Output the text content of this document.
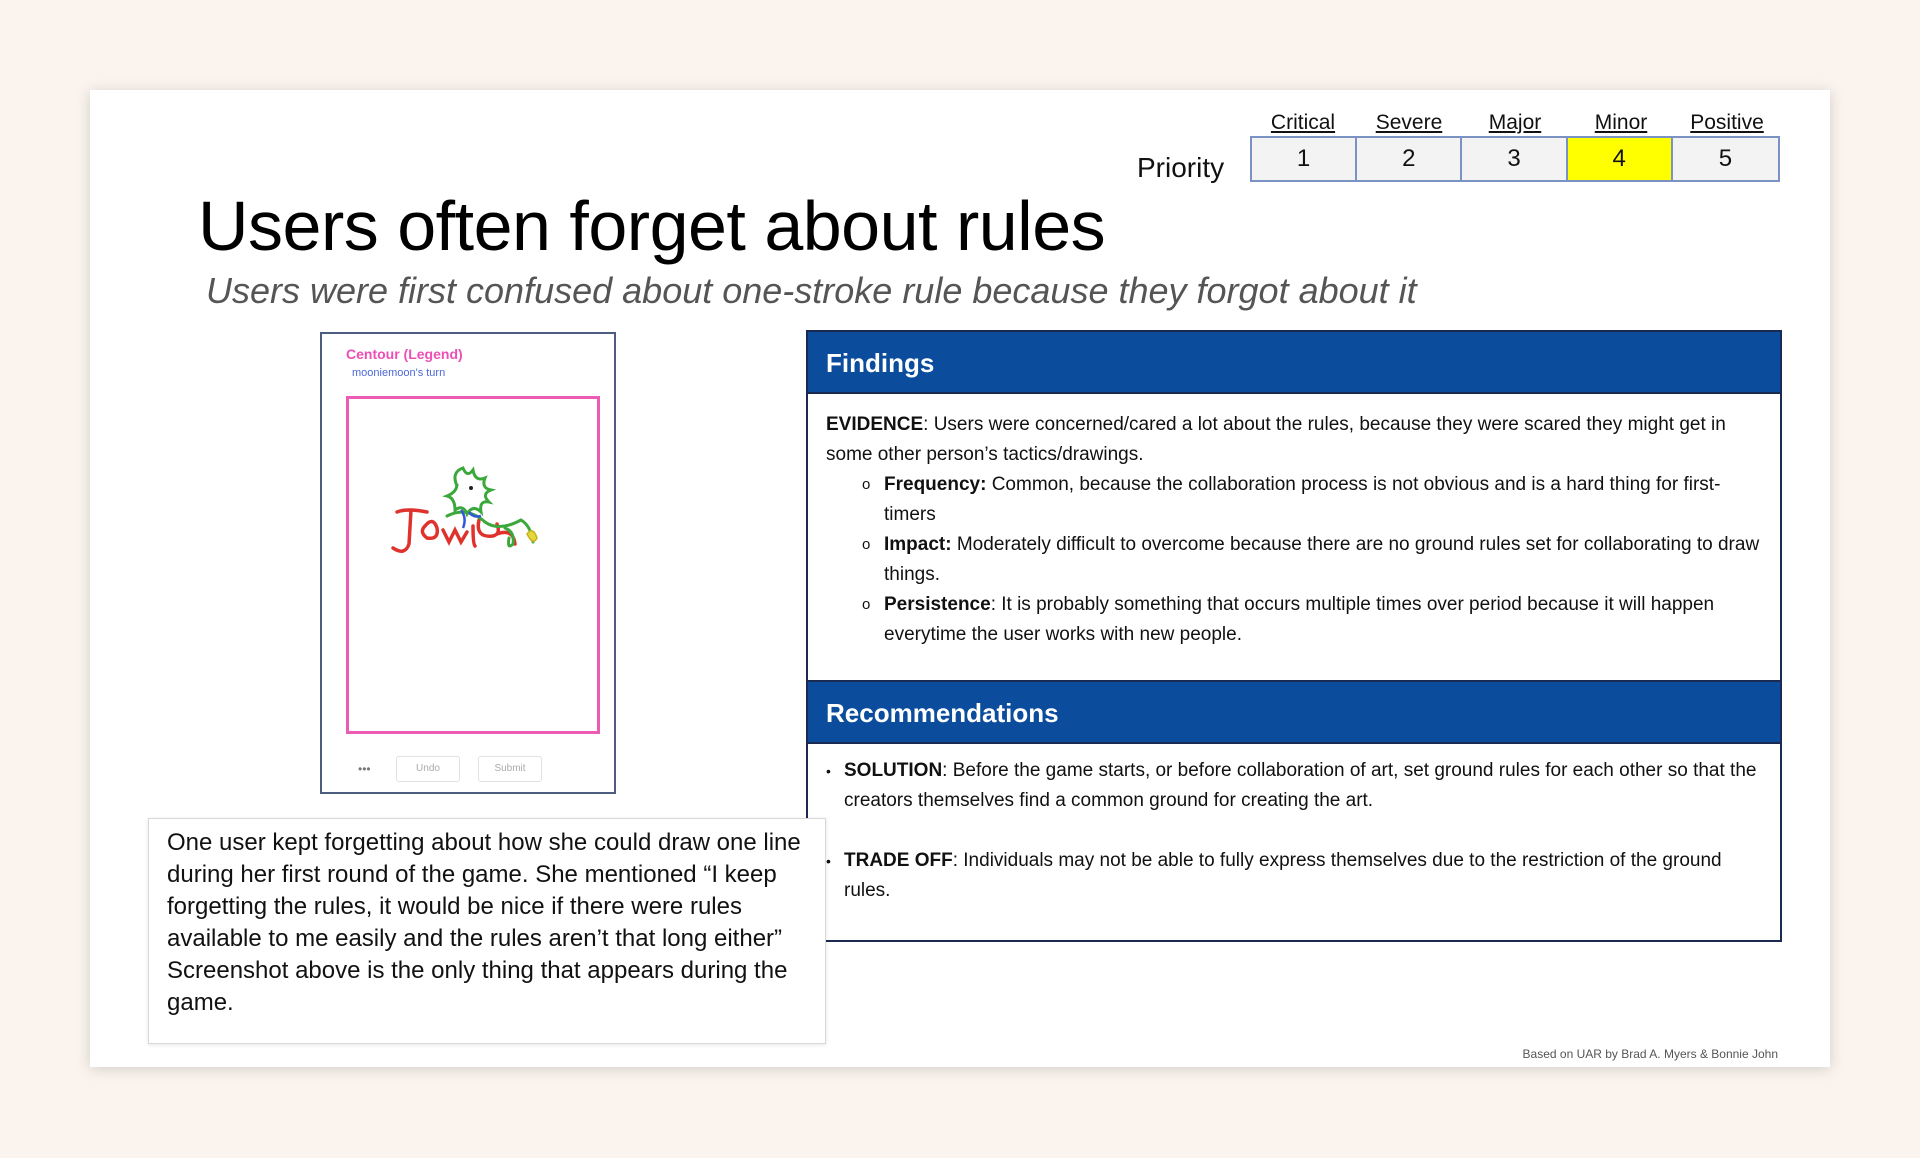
Priority
Critical	Severe	Major	Minor	Positive
1	2	3	4	5
Users often forget about rules
Users were first confused about one-stroke rule because they forgot about it
Centour (Legend)
mooniemoon's turn
•••	Undo	Submit
Findings
EVIDENCE: Users were concerned/cared a lot about the rules, because they were scared they might get in some other person’s tactics/drawings.
o Frequency: Common, because the collaboration process is not obvious and is a hard thing for first-timers
o Impact: Moderately difficult to overcome because there are no ground rules set for collaborating to draw things.
o Persistence: It is probably something that occurs multiple times over period because it will happen everytime the user works with new people.
Recommendations
• SOLUTION: Before the game starts, or before collaboration of art, set ground rules for each other so that the creators themselves find a common ground for creating the art.
• TRADE OFF: Individuals may not be able to fully express themselves due to the restriction of the ground rules.
One user kept forgetting about how she could draw one line during her first round of the game. She mentioned “I keep forgetting the rules, it would be nice if there were rules available to me easily and the rules aren’t that long either” Screenshot above is the only thing that appears during the game.
Based on UAR by Brad A. Myers & Bonnie John
